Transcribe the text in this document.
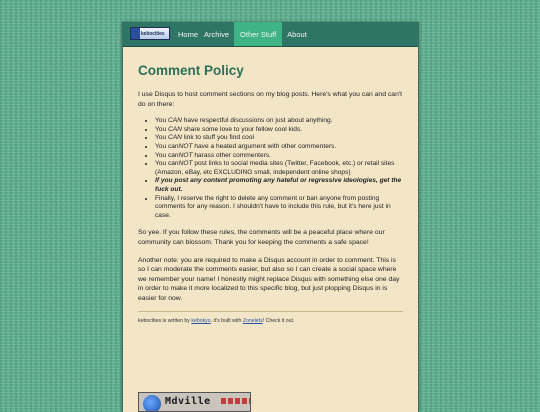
kebocities	Home Archive	Other Stuff	About
Comment Policy

I use Disqus to host comment sections on my blog posts. Here's what you can and can't do on there:

• You CAN have respectful discussions on just about anything.
• You CAN share some love to your fellow cool kids.
• You CAN link to stuff you find cool
• You canNOT have a heated argument with other commenters.
• You canNOT harass other commenters.
• You canNOT post links to social media sites (Twitter, Facebook, etc.) or retail sites (Amazon, eBay, etc EXCLUDING small, independent online shops)
• If you post any content promoting any hateful or regressive ideologies, get the fuck out.
• Finally, I reserve the right to delete any comment or ban anyone from posting comments for any reason. I shouldn't have to include this rule, but it's here just in case.

So yee. If you follow these rules, the comments will be a peaceful place where our community can blossom. Thank you for keeping the comments a safe space!

Another note: you are required to make a Disqus account in order to comment. This is so I can moderate the comments easier, but also so I can create a social space where we remember your name! I honestly might replace Disqus with something else one day in order to make it more localized to this specific blog, but just plopping Disqus in is easier for now.

kebocities is written by kebokyo, it's built with Zonelets! Check it out.
Mdville
